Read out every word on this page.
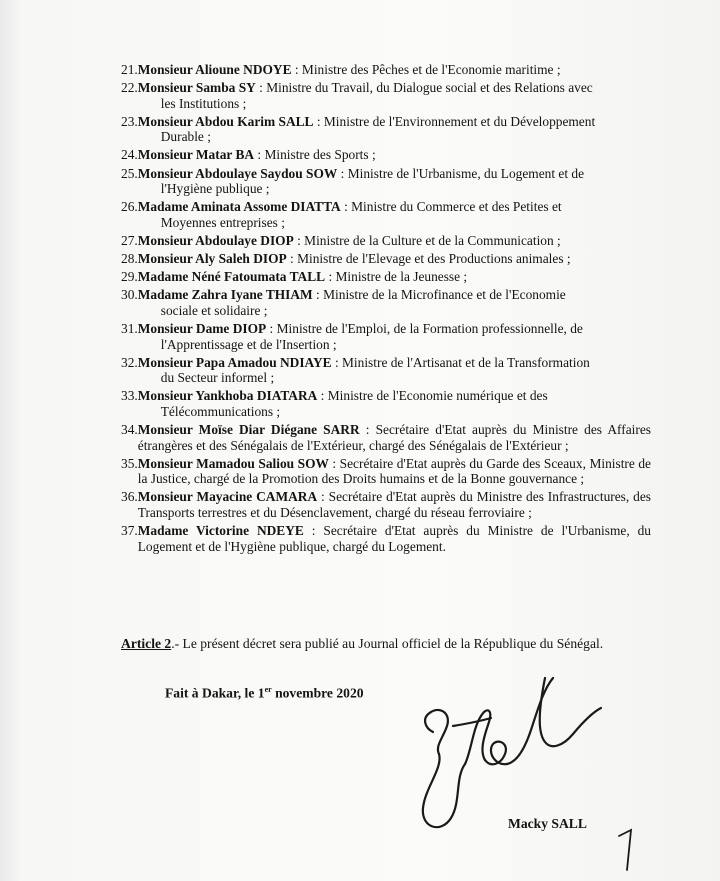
21. Monsieur Alioune NDOYE : Ministre des Pêches et de l'Economie maritime ;
22. Monsieur Samba SY : Ministre du Travail, du Dialogue social et des Relations avec
les Institutions ;
23. Monsieur Abdou Karim SALL : Ministre de l'Environnement et du Développement
Durable ;
24. Monsieur Matar BA : Ministre des Sports ;
25. Monsieur Abdoulaye Saydou SOW : Ministre de l'Urbanisme, du Logement et de
l'Hygiène publique ;
26. Madame Aminata Assome DIATTA : Ministre du Commerce et des Petites et
Moyennes entreprises ;
27. Monsieur Abdoulaye DIOP : Ministre de la Culture et de la Communication ;
28. Monsieur Aly Saleh DIOP : Ministre de l'Elevage et des Productions animales ;
29. Madame Néné Fatoumata TALL : Ministre de la Jeunesse ;
30. Madame Zahra Iyane THIAM : Ministre de la Microfinance et de l'Economie
sociale et solidaire ;
31. Monsieur Dame DIOP : Ministre de l'Emploi, de la Formation professionnelle, de
l'Apprentissage et de l'Insertion ;
32. Monsieur Papa Amadou NDIAYE : Ministre de l'Artisanat et de la Transformation
du Secteur informel ;
33. Monsieur Yankhoba DIATARA : Ministre de l'Economie numérique et des
Télécommunications ;
34. Monsieur Moïse Diar Diégane SARR : Secrétaire d'Etat auprès du Ministre des Affaires étrangères et des Sénégalais de l'Extérieur, chargé des Sénégalais de l'Extérieur ;
35. Monsieur Mamadou Saliou SOW : Secrétaire d'Etat auprès du Garde des Sceaux, Ministre de la Justice, chargé de la Promotion des Droits humains et de la Bonne gouvernance ;
36. Monsieur Mayacine CAMARA : Secrétaire d'Etat auprès du Ministre des Infrastructures, des Transports terrestres et du Désenclavement, chargé du réseau ferroviaire ;
37. Madame Victorine NDEYE : Secrétaire d'Etat auprès du Ministre de l'Urbanisme, du Logement et de l'Hygiène publique, chargé du Logement.
Article 2.- Le présent décret sera publié au Journal officiel de la République du Sénégal.
Fait à Dakar, le 1er novembre 2020
Macky SALL
